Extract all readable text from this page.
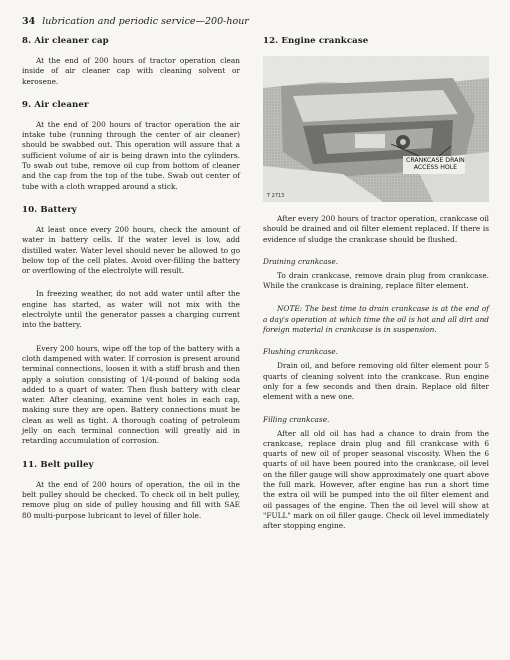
34 lubrication and periodic service—200-hour
8. Air cleaner cap

At the end of 200 hours of tractor operation clean inside of air cleaner cap with cleaning solvent or kerosene.

9. Air cleaner

At the end of 200 hours of tractor operation the air intake tube (running through the center of air cleaner) should be swabbed out. This operation will assure that a sufficient volume of air is being drawn into the cylinders. To swab out tube, remove oil cup from bottom of cleaner and the cap from the top of the tube. Swab out center of tube with a cloth wrapped around a stick.

10. Battery

At least once every 200 hours, check the amount of water in battery cells. If the water level is low, add distilled water. Water level should never be allowed to go below top of the cell plates. Avoid over-filling the battery or overflowing of the electrolyte will result.

In freezing weather, do not add water until after the engine has started, as water will not mix with the electrolyte until the generator passes a charging current into the battery.

Every 200 hours, wipe off the top of the battery with a cloth dampened with water. If corrosion is present around terminal connections, loosen it with a stiff brush and then apply a solution consisting of 1/4-pound of baking soda added to a quart of water. Then flush battery with clear water. After cleaning, examine vent holes in each cap, making sure they are open. Battery connections must be clean as well as tight. A thorough coating of petroleum jelly on each terminal connection will greatly aid in retarding accumulation of corrosion.

11. Belt pulley

At the end of 200 hours of operation, the oil in the belt pulley should be checked. To check oil in belt pulley, remove plug on side of pulley housing and fill with SAE 80 multi-purpose lubricant to level of filler hole.

12. Engine crankcase
CRANKCASE DRAIN
ACCESS HOLE
T 2713

After every 200 hours of tractor operation, crankcase oil should be drained and oil filter element replaced. If there is evidence of sludge the crankcase should be flushed.

Draining crankcase.

To drain crankcase, remove drain plug from crankcase. While the crankcase is draining, replace filter element.

NOTE: The best time to drain crankcase is at the end of a day's operation at which time the oil is hot and all dirt and foreign material in crankcase is in suspension.

Flushing crankcase.

Drain oil, and before removing old filter element pour 5 quarts of cleaning solvent into the crankcase. Run engine only for a few seconds and then drain. Replace old filter element with a new one.

Filling crankcase.

After all old oil has had a chance to drain from the crankcase, replace drain plug and fill crankcase with 6 quarts of new oil of proper seasonal viscosity. When the 6 quarts of oil have been poured into the crankcase, oil level on the filler gauge will show approximately one quart above the full mark. However, after engine has run a short time the extra oil will be pumped into the oil filter element and oil passages of the engine. Then the oil level will show at "FULL" mark on oil filler gauge. Check oil level immediately after stopping engine.
